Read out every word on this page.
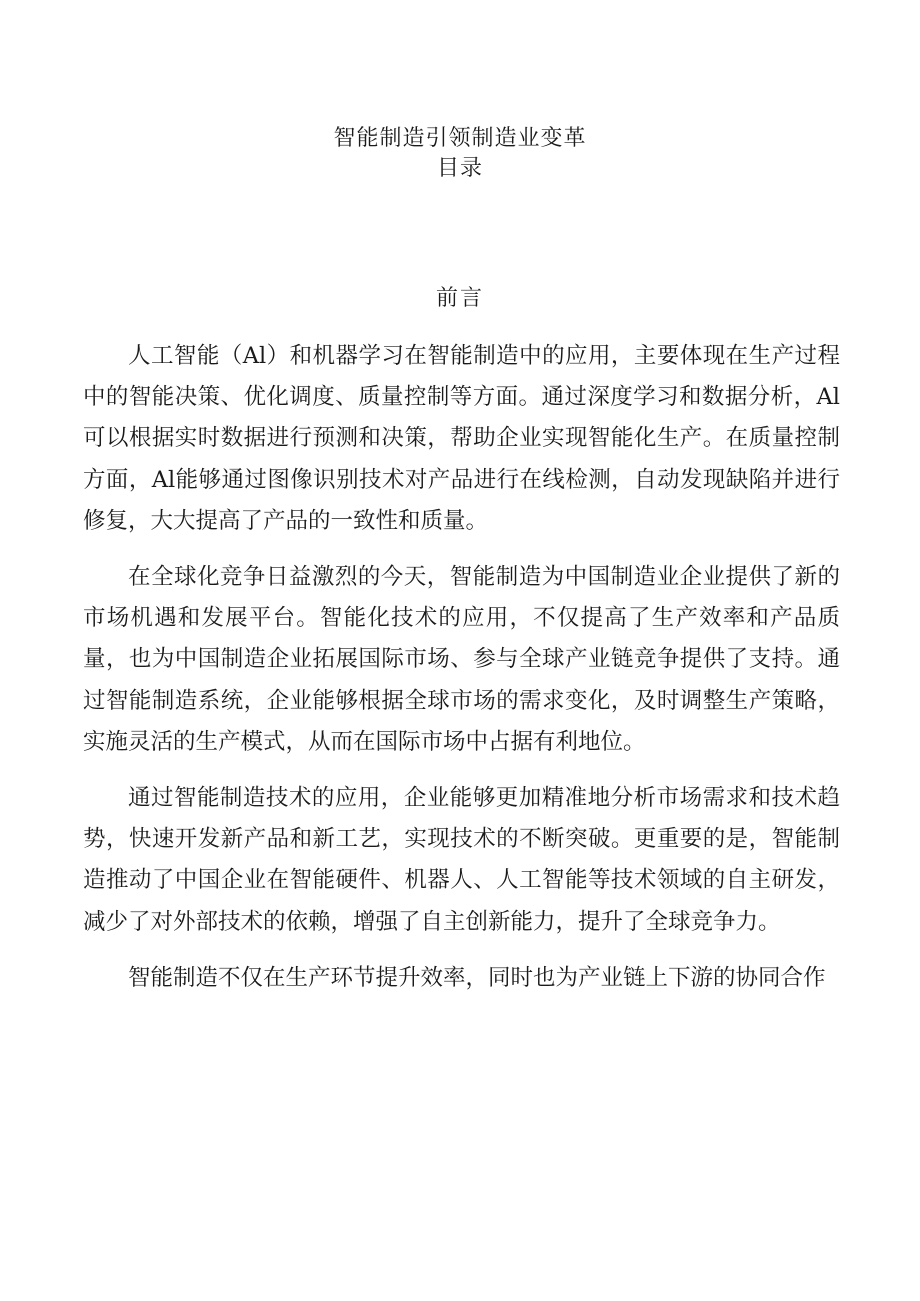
智能制造引领制造业变革
目录
前言

人工智能（Al）和机器学习在智能制造中的应用，主要体现在生产过程中的智能决策、优化调度、质量控制等方面。通过深度学习和数据分析，Al可以根据实时数据进行预测和决策，帮助企业实现智能化生产。在质量控制方面，Al能够通过图像识别技术对产品进行在线检测，自动发现缺陷并进行修复，大大提高了产品的一致性和质量。

在全球化竞争日益激烈的今天，智能制造为中国制造业企业提供了新的市场机遇和发展平台。智能化技术的应用，不仅提高了生产效率和产品质量，也为中国制造企业拓展国际市场、参与全球产业链竞争提供了支持。通过智能制造系统，企业能够根据全球市场的需求变化，及时调整生产策略，实施灵活的生产模式，从而在国际市场中占据有利地位。

通过智能制造技术的应用，企业能够更加精准地分析市场需求和技术趋势，快速开发新产品和新工艺，实现技术的不断突破。更重要的是，智能制造推动了中国企业在智能硬件、机器人、人工智能等技术领域的自主研发，减少了对外部技术的依赖，增强了自主创新能力，提升了全球竞争力。

智能制造不仅在生产环节提升效率，同时也为产业链上下游的协同合作
